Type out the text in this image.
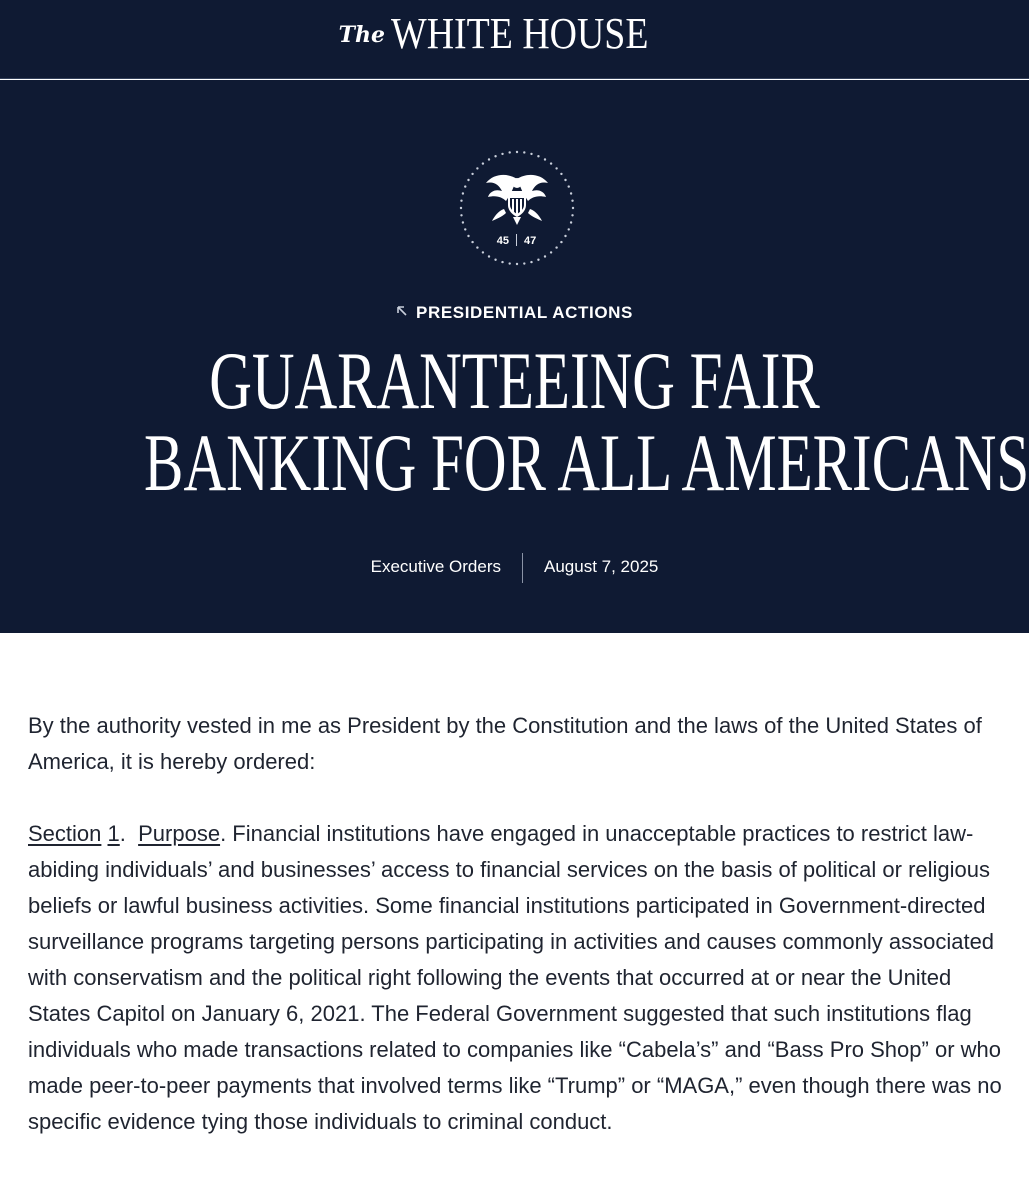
The WHITE HOUSE
45 47
PRESIDENTIAL ACTIONS
GUARANTEEING FAIR
BANKING FOR ALL AMERICANS
Executive Orders	August 7, 2025

By the authority vested in me as President by the Constitution and the laws of the United States of America, it is hereby ordered:

Section 1.  Purpose. Financial institutions have engaged in unacceptable practices to restrict law-abiding individuals’ and businesses’ access to financial services on the basis of political or religious beliefs or lawful business activities. Some financial institutions participated in Government-directed surveillance programs targeting persons participating in activities and causes commonly associated with conservatism and the political right following the events that occurred at or near the United States Capitol on January 6, 2021. The Federal Government suggested that such institutions flag individuals who made transactions related to companies like “Cabela’s” and “Bass Pro Shop” or who made peer-to-peer payments that involved terms like “Trump” or “MAGA,” even though there was no specific evidence tying those individuals to criminal conduct.
